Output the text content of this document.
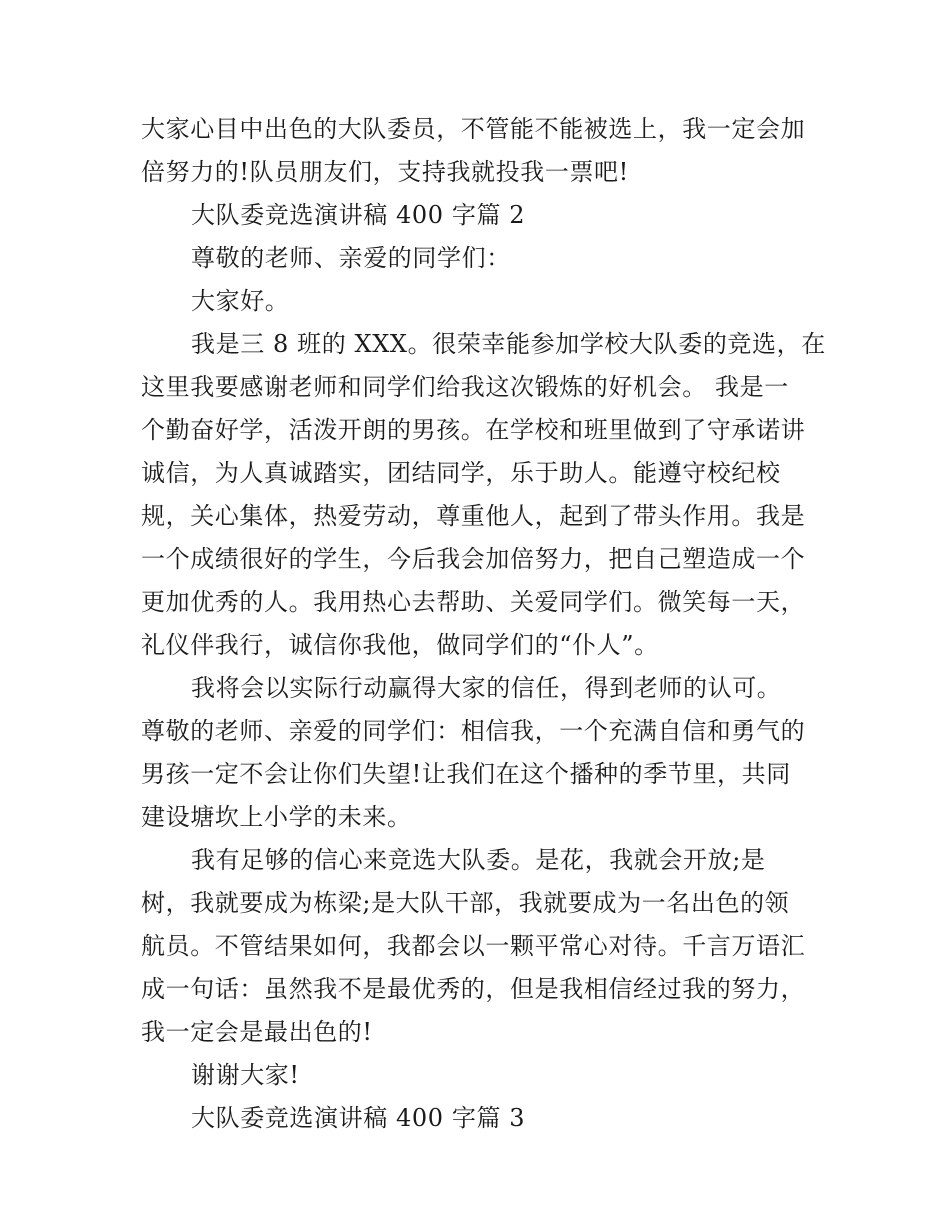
大家心目中出色的大队委员，不管能不能被选上，我一定会加
倍努力的!队员朋友们，支持我就投我一票吧!
大队委竞选演讲稿 400 字篇 2
尊敬的老师、亲爱的同学们：
大家好。
我是三 8 班的 XXX。很荣幸能参加学校大队委的竞选，在
这里我要感谢老师和同学们给我这次锻炼的好机会。 我是一
个勤奋好学，活泼开朗的男孩。在学校和班里做到了守承诺讲
诚信，为人真诚踏实，团结同学，乐于助人。能遵守校纪校
规，关心集体，热爱劳动，尊重他人，起到了带头作用。我是
一个成绩很好的学生，今后我会加倍努力，把自己塑造成一个
更加优秀的人。我用热心去帮助、关爱同学们。微笑每一天，
礼仪伴我行，诚信你我他，做同学们的“仆人”。
我将会以实际行动赢得大家的信任，得到老师的认可。
尊敬的老师、亲爱的同学们：相信我，一个充满自信和勇气的
男孩一定不会让你们失望!让我们在这个播种的季节里，共同
建设塘坎上小学的未来。
我有足够的信心来竞选大队委。是花，我就会开放;是
树，我就要成为栋梁;是大队干部，我就要成为一名出色的领
航员。不管结果如何，我都会以一颗平常心对待。千言万语汇
成一句话：虽然我不是最优秀的，但是我相信经过我的努力，
我一定会是最出色的!
谢谢大家!
大队委竞选演讲稿 400 字篇 3
